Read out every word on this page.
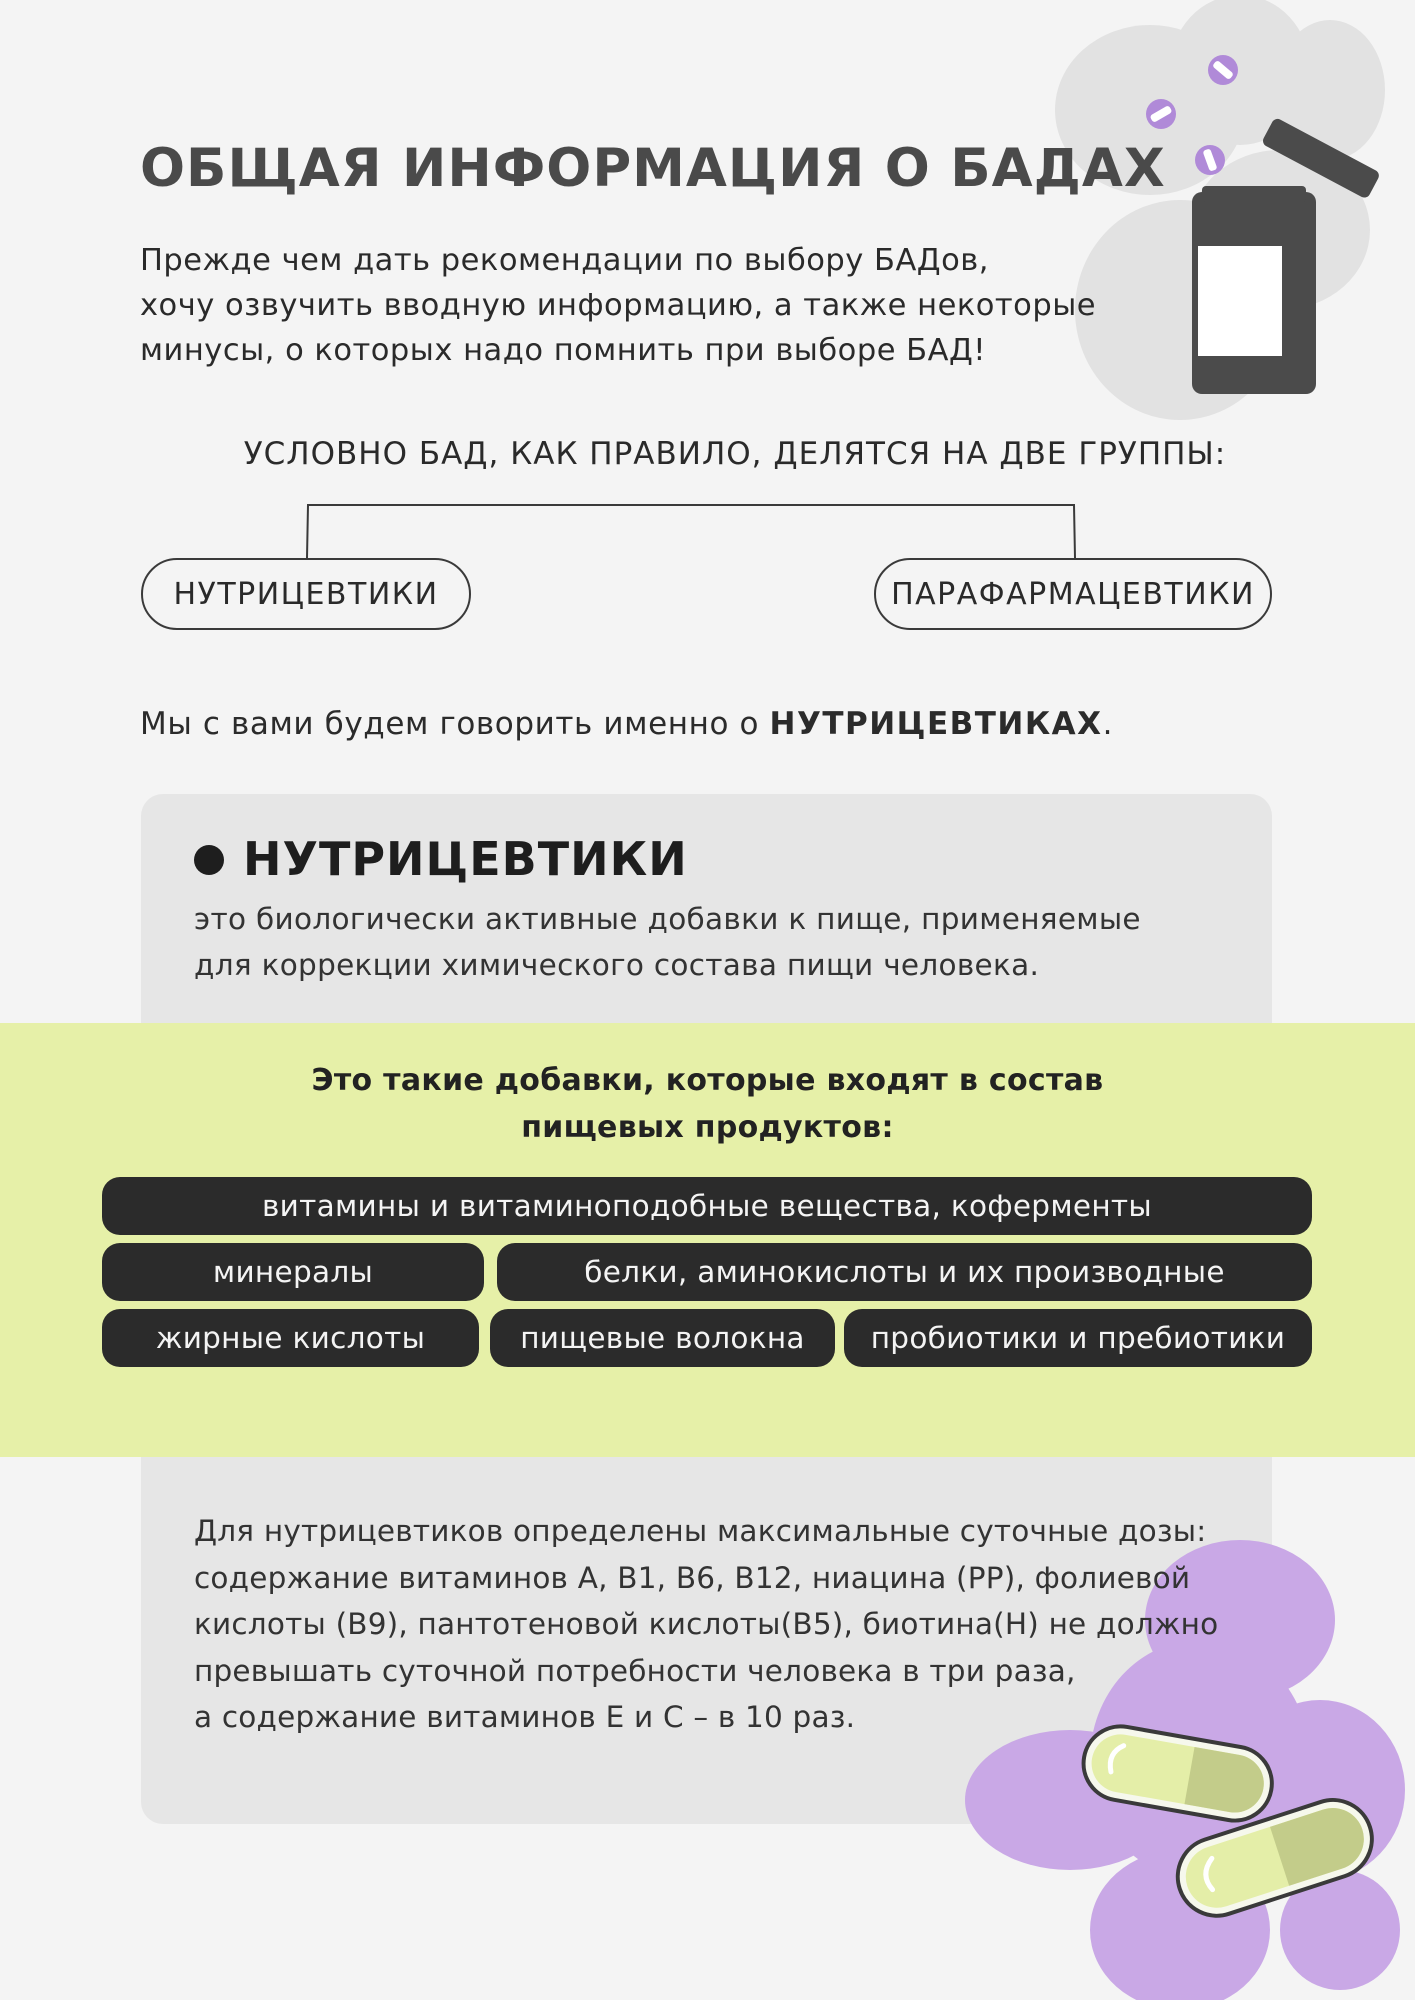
ОБЩАЯ ИНФОРМАЦИЯ О БАДАХ
Прежде чем дать рекомендации по выбору БАДов,
хочу озвучить вводную информацию, а также некоторые
минусы, о которых надо помнить при выборе БАД!
УСЛОВНО БАД, КАК ПРАВИЛО, ДЕЛЯТСЯ НА ДВЕ ГРУППЫ:
НУТРИЦЕВТИКИ	ПАРАФАРМАЦЕВТИКИ
Мы с вами будем говорить именно о НУТРИЦЕВТИКАХ.
НУТРИЦЕВТИКИ
это биологически активные добавки к пище, применяемые
для коррекции химического состава пищи человека.
Это такие добавки, которые входят в состав
пищевых продуктов:
витамины и витаминоподобные вещества, коферменты
минералы	белки, аминокислоты и их производные
жирные кислоты	пищевые волокна	пробиотики и пребиотики
Для нутрицевтиков определены максимальные суточные дозы:
содержание витаминов А, В1, В6, В12, ниацина (РР), фолиевой
кислоты (В9), пантотеновой кислоты(В5), биотина(Н) не должно
превышать суточной потребности человека в три раза,
а содержание витаминов Е и С – в 10 раз.
